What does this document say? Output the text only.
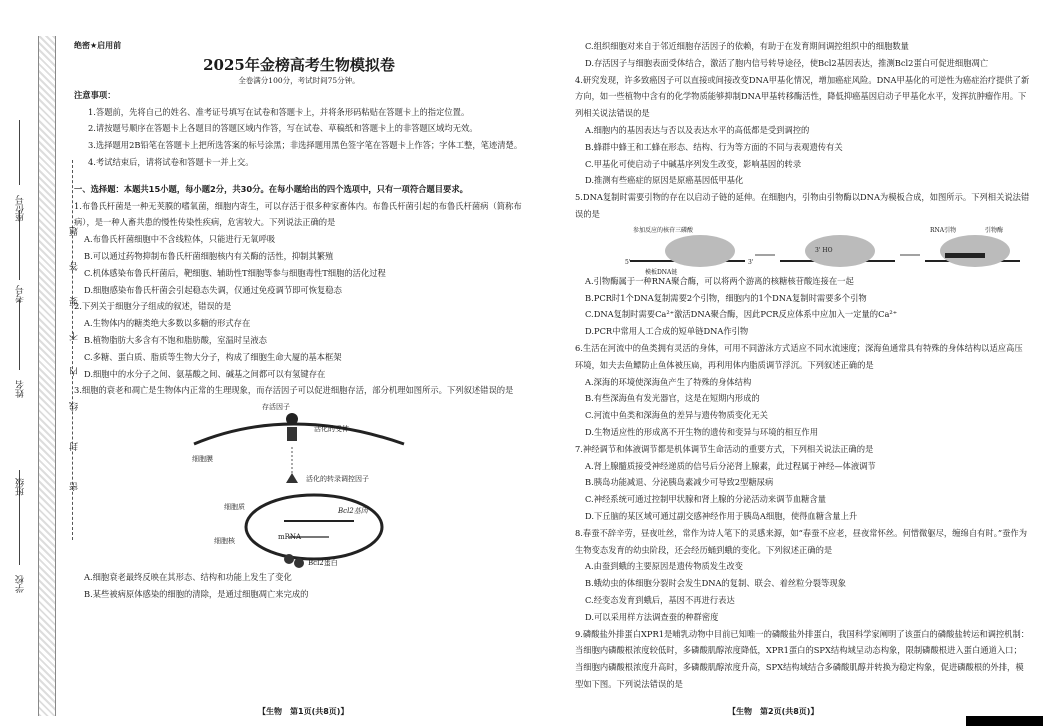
学校
班级
姓名
考号
座位号
密
封
线
内
不
要
答
题

绝密★启用前

2025年金榜高考生物模拟卷

全卷满分100分，考试时间75分钟。

注意事项：

1.答题前，先将自己的姓名、准考证号填写在试卷和答题卡上，并将条形码粘贴在答题卡上的指定位置。

2.请按题号顺序在答题卡上各题目的答题区域内作答，写在试卷、草稿纸和答题卡上的非答题区域均无效。

3.选择题用2B铅笔在答题卡上把所选答案的标号涂黑；非选择题用黑色签字笔在答题卡上作答；字体工整，笔迹清楚。

4.考试结束后，请将试卷和答题卡一并上交。

一、选择题：本题共15小题，每小题2分，共30分。在每小题给出的四个选项中，只有一项符合题目要求。

1.布鲁氏杆菌是一种无荚膜的嗜氧菌，细胞内寄生，可以存活于很多种家畜体内。布鲁氏杆菌引起的布鲁氏杆菌病（简称布病），是一种人畜共患的慢性传染性疾病，危害较大。下列说法正确的是

A.布鲁氏杆菌细胞中不含线粒体，只能进行无氧呼吸

B.可以通过药物抑制布鲁氏杆菌细胞核内有关酶的活性，抑制其繁殖

C.机体感染布鲁氏杆菌后，靶细胞、辅助性T细胞等参与细胞毒性T细胞的活化过程

D.细胞感染布鲁氏杆菌会引起稳态失调，仅通过免疫调节即可恢复稳态

2.下列关于细胞分子组成的叙述，错误的是

A.生物体内的糖类绝大多数以多糖的形式存在

B.植物脂肪大多含有不饱和脂肪酸，室温时呈液态

C.多糖、蛋白质、脂质等生物大分子，构成了细胞生命大厦的基本框架

D.细胞中的水分子之间、氨基酸之间、碱基之间都可以有氢键存在

3.细胞的衰老和凋亡是生物体内正常的生理现象，而存活因子可以促进细胞存活，部分机理如图所示。下列叙述错误的是

存活因子
活化的受体
细胞膜
活化的转录调控因子
Bcl2基因
mRNA
细胞核
细胞质
Bcl2蛋白

A.细胞衰老最终反映在其形态、结构和功能上发生了变化

B.某些被病原体感染的细胞的清除，是通过细胞凋亡来完成的

【生物　第1页(共8页)】

C.组织细胞对来自于邻近细胞存活因子的依赖，有助于在发育期间调控组织中的细胞数量

D.存活因子与细胞表面受体结合，激活了胞内信号转导途径，使Bcl2基因表达，推测Bcl2蛋白可促进细胞凋亡

4.研究发现，许多致癌因子可以直接或间接改变DNA甲基化情况，增加癌症风险。DNA甲基化的可逆性为癌症治疗提供了新方向，如一些植物中含有的化学物质能够抑制DNA甲基转移酶活性，降低抑癌基因启动子甲基化水平，发挥抗肿瘤作用。下列相关说法错误的是

A.细胞内的基因表达与否以及表达水平的高低都是受到调控的

B.蜂群中蜂王和工蜂在形态、结构、行为等方面的不同与表观遗传有关

C.甲基化可使启动子中碱基序列发生改变，影响基因的转录

D.推测有些癌症的原因是原癌基因低甲基化

5.DNA复制时需要引物的存在以启动子链的延伸。在细胞内，引物由引物酶以DNA为模板合成，如图所示。下列相关说法错误的是

参加反应的核苷三磷酸
模板DNA链
RNA引物	引物酶
3' HO
5'	3'

A.引物酶属于一种RNA聚合酶，可以将两个游离的核糖核苷酸连接在一起

B.PCR时1个DNA复制需要2个引物，细胞内的1个DNA复制时需要多个引物

C.DNA复制时需要Ca²⁺激活DNA聚合酶，因此PCR反应体系中应加入一定量的Ca²⁺

D.PCR中常用人工合成的短单链DNA作引物

6.生活在河流中的鱼类拥有灵活的身体，可用不同游泳方式适应不同水流速度；深海鱼通常具有特殊的身体结构以适应高压环境，如夫去鱼鳔防止鱼体被压扁，再利用体内脂质调节浮沉。下列叙述正确的是

A.深海的环境使深海鱼产生了特殊的身体结构

B.有些深海鱼有发光器官，这是在短期内形成的

C.河流中鱼类和深海鱼的差异与遗传物质变化无关

D.生物适应性的形成离不开生物的遗传和变异与环境的相互作用

7.神经调节和体液调节都是机体调节生命活动的重要方式，下列相关说法正确的是

A.肾上腺髓质接受神经递质的信号后分泌肾上腺素，此过程属于神经—体液调节

B.胰岛功能减退、分泌胰岛素减少可导致2型糖尿病

C.神经系统可通过控制甲状腺和肾上腺的分泌活动来调节血糖含量

D.下丘脑的某区域可通过副交感神经作用于胰岛A细胞，使得血糖含量上升

8.春蚕不辞辛劳，昼夜吐丝，常作为诗人笔下的灵感来源，如“春蚕不应老，昼夜常怀丝。何惜微躯尽，缠绵自有时。”蚕作为生物变态发育的幼虫阶段，还会经历蛹到蛾的变化。下列叙述正确的是

A.由蚕到蛾的主要原因是遗传物质发生改变

B.蛾幼虫的体细胞分裂时会发生DNA的复制、联会、着丝粒分裂等现象

C.经变态发育到蛾后，基因不再进行表达

D.可以采用样方法调查蚕的种群密度

9.磷酸盐外排蛋白XPR1是哺乳动物中目前已知唯一的磷酸盐外排蛋白，我国科学家阐明了该蛋白的磷酸盐转运和调控机制：当细胞内磷酸根浓度较低时，多磷酸肌醇浓度降低，XPR1蛋白的SPX结构域呈动态构象，限制磷酸根进入蛋白通道入口；当细胞内磷酸根浓度升高时，多磷酸肌醇浓度升高，SPX结构域结合多磷酸肌醇并转换为稳定构象，促进磷酸根的外排，模型如下图。下列说法错误的是

【生物　第2页(共8页)】
